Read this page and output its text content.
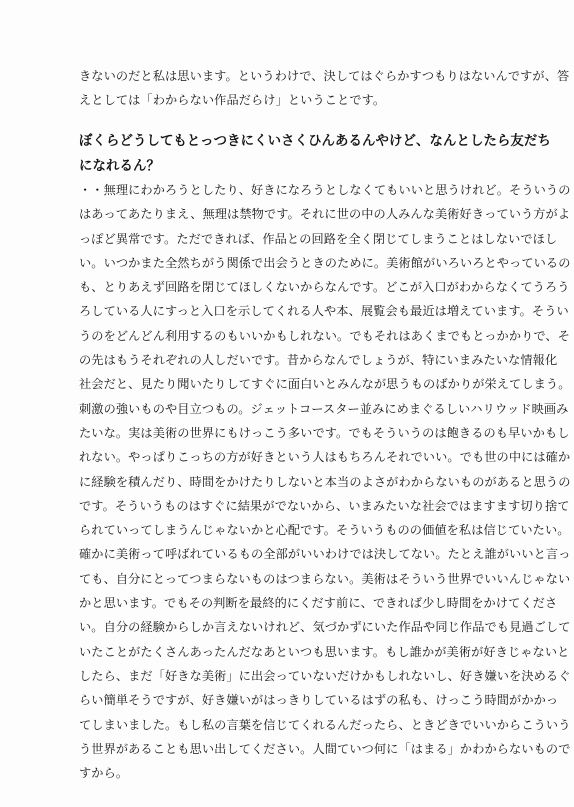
きないのだと私は思います。というわけで、決してはぐらかすつもりはないんですが、答
えとしては「わからない作品だらけ」ということです。
ぼくらどうしてもとっつきにくいさくひんあるんやけど、なんとしたら友だち
になれるん？
・・無理にわかろうとしたり、好きになろうとしなくてもいいと思うけれど。そういうの
はあってあたりまえ、無理は禁物です。それに世の中の人みんな美術好きっていう方がよ
っぽど異常です。ただできれば、作品との回路を全く閉じてしまうことはしないでほし
い。いつかまた全然ちがう関係で出会うときのために。美術館がいろいろとやっているの
も、とりあえず回路を閉じてほしくないからなんです。どこが入口がわからなくてうろう
ろしている人にすっと入口を示してくれる人や本、展覧会も最近は増えています。そうい
うのをどんどん利用するのもいいかもしれない。でもそれはあくまでもとっかかりで、そ
の先はもうそれぞれの人しだいです。昔からなんでしょうが、特にいまみたいな情報化
社会だと、見たり聞いたりしてすぐに面白いとみんなが思うものばかりが栄えてしまう。
刺激の強いものや目立つもの。ジェットコースター並みにめまぐるしいハリウッド映画み
たいな。実は美術の世界にもけっこう多いです。でもそういうのは飽きるのも早いかもし
れない。やっぱりこっちの方が好きという人はもちろんそれでいい。でも世の中には確か
に経験を積んだり、時間をかけたりしないと本当のよさがわからないものがあると思うの
です。そういうものはすぐに結果がでないから、いまみたいな社会ではますます切り捨て
られていってしまうんじゃないかと心配です。そういうものの価値を私は信じていたい。
確かに美術って呼ばれているもの全部がいいわけでは決してない。たとえ誰がいいと言っ
ても、自分にとってつまらないものはつまらない。美術はそういう世界でいいんじゃない
かと思います。でもその判断を最終的にくだす前に、できれば少し時間をかけてくださ
い。自分の経験からしか言えないけれど、気づかずにいた作品や同じ作品でも見過ごして
いたことがたくさんあったんだなあといつも思います。もし誰かが美術が好きじゃないと
したら、まだ「好きな美術」に出会っていないだけかもしれないし、好き嫌いを決めるぐ
らい簡単そうですが、好き嫌いがはっきりしているはずの私も、けっこう時間がかかっ
てしまいました。もし私の言葉を信じてくれるんだったら、ときどきでいいからこういう
う世界があることも思い出してください。人間ていつ何に「はまる」かわからないもので
すから。
